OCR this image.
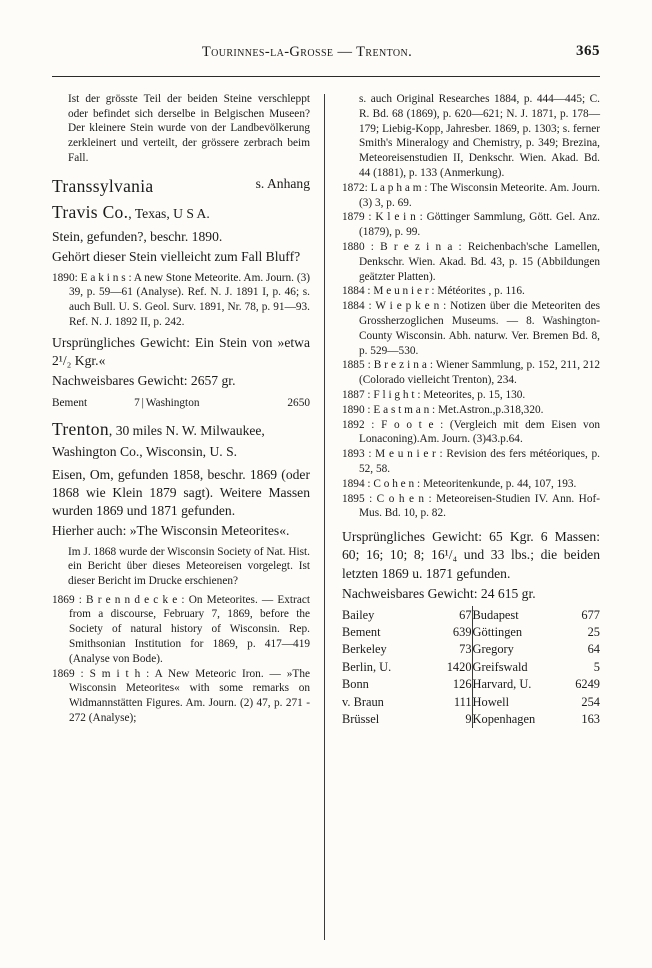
Tourinnes-la-Grosse — Trenton.	365

Ist der grösste Teil der beiden Steine verschleppt oder befindet sich derselbe in Belgischen Museen? Der kleinere Stein wurde von der Landbevölkerung zerkleinert und verteilt, der grössere zerbrach beim Fall.

s. Anhang
Transsylvania
Travis Co., Texas, U S A.

Stein, gefunden?, beschr. 1890.

Gehört dieser Stein vielleicht zum Fall Bluff?

1890: E a k i n s : A new Stone Meteorite. Am. Journ. (3) 39, p. 59—61 (Analyse). Ref. N. J. 1891 I, p. 46; s. auch Bull. U. S. Geol. Surv. 1891, Nr. 78, p. 91—93. Ref. N. J. 1892 II, p. 242.

Ursprüngliches Gewicht: Ein Stein von »etwa 2¹/₂ Kgr.«

Nachweisbares Gewicht: 2657 gr.

Bement	7	|	Washington	2650
Trenton, 30 miles N. W. Milwaukee, Washington Co., Wisconsin, U. S.

Eisen, Om, gefunden 1858, beschr. 1869 (oder 1868 wie Klein 1879 sagt). Weitere Massen wurden 1869 und 1871 gefunden.

Hierher auch: »The Wisconsin Meteorites«.

Im J. 1868 wurde der Wisconsin Society of Nat. Hist. ein Bericht über dieses Meteoreisen vorgelegt. Ist dieser Bericht im Drucke erschienen?

1869 : B r e n n d e c k e : On Meteorites. — Extract from a discourse, February 7, 1869, before the Society of natural history of Wisconsin. Rep. Smithsonian Institution for 1869, p. 417—419 (Analyse von Bode).

1869 : S m i t h : A New Meteoric Iron. — »The Wisconsin Meteorites« with some remarks on Widmannstätten Figures. Am. Journ. (2) 47, p. 271 - 272 (Analyse);

s. auch Original Researches 1884, p. 444—445; C. R. Bd. 68 (1869), p. 620—621; N. J. 1871, p. 178—179; Liebig-Kopp, Jahresber. 1869, p. 1303; s. ferner Smith's Mineralogy and Chemistry, p. 349; Brezina, Meteoreisenstudien II, Denkschr. Wien. Akad. Bd. 44 (1881), p. 133 (Anmerkung).

1872: L a p h a m : The Wisconsin Meteorite. Am. Journ. (3) 3, p. 69.

1879 : K l e i n : Göttinger Sammlung, Gött. Gel. Anz. (1879), p. 99.

1880 : B r e z i n a : Reichenbach'sche Lamellen, Denkschr. Wien. Akad. Bd. 43, p. 15 (Abbildungen geätzter Platten).

1884 : M e u n i e r : Météorites , p. 116.

1884 : W i e p k e n : Notizen über die Meteoriten des Grossherzoglichen Museums. — 8. Washington-County Wisconsin. Abh. naturw. Ver. Bremen Bd. 8, p. 529—530.

1885 : B r e z i n a : Wiener Sammlung, p. 152, 211, 212 (Colorado vielleicht Trenton), 234.

1887 : F l i g h t : Meteorites, p. 15, 130.

1890 : E a s t m a n : Met.Astron.,p.318,320.

1892 : F o o t e : (Vergleich mit dem Eisen von Lonaconing).Am. Journ. (3)43.p.64.

1893 : M e u n i e r : Revision des fers météoriques, p. 52, 58.

1894 : C o h e n : Meteoritenkunde, p. 44, 107, 193.

1895 : C o h e n : Meteoreisen-Studien IV. Ann. Hof-Mus. Bd. 10, p. 82.

Ursprüngliches Gewicht: 65 Kgr. 6 Massen: 60; 16; 10; 8; 16¹/₄ und 33 lbs.; die beiden letzten 1869 u. 1871 gefunden.

Nachweisbares Gewicht: 24 615 gr.

Bailey	67		Budapest	677
Bement	639		Göttingen	25
Berkeley	73		Gregory	64
Berlin, U.	1420		Greifswald	5
Bonn	126		Harvard, U.	6249
v. Braun	111		Howell	254
Brüssel	9		Kopenhagen	163
